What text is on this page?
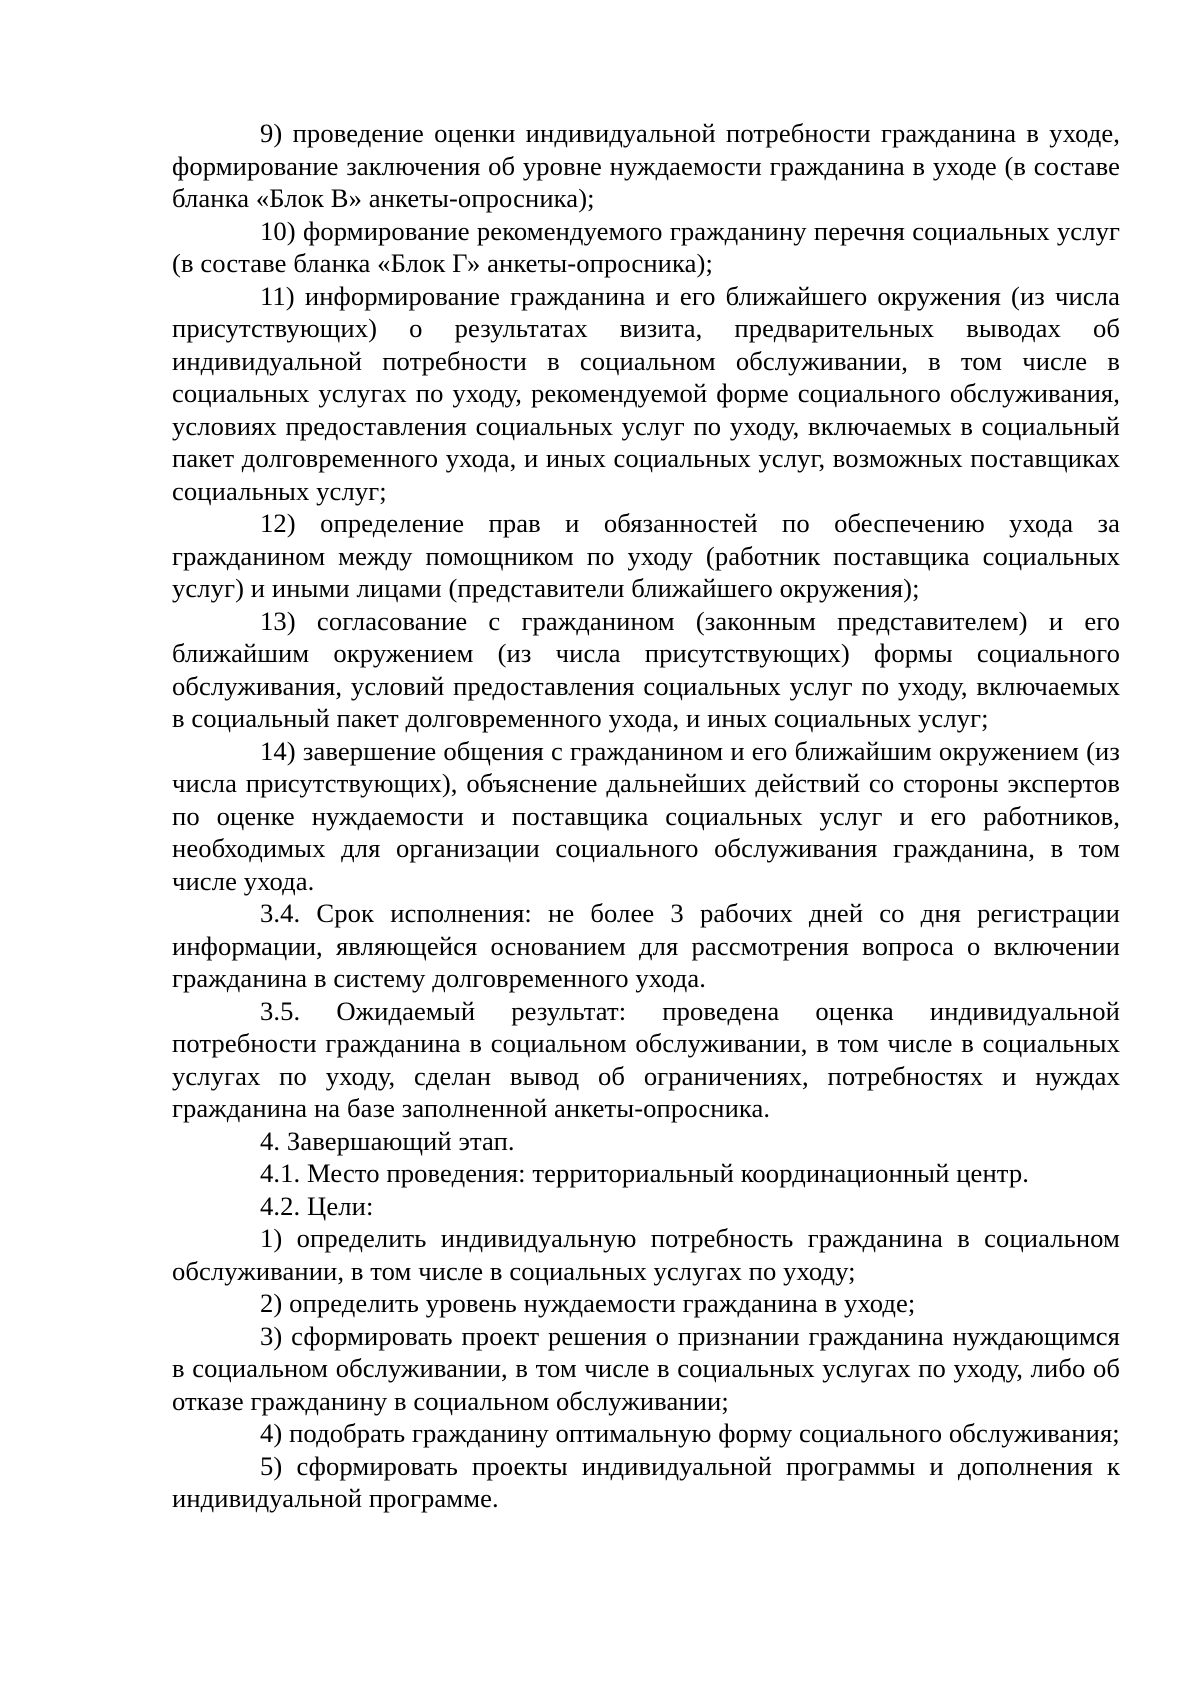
9) проведение оценки индивидуальной потребности гражданина в уходе, формирование заключения об уровне нуждаемости гражданина в уходе (в составе бланка «Блок В» анкеты-опросника);

10) формирование рекомендуемого гражданину перечня социальных услуг (в составе бланка «Блок Г» анкеты-опросника);

11) информирование гражданина и его ближайшего окружения (из числа присутствующих) о результатах визита, предварительных выводах об индивидуальной потребности в социальном обслуживании, в том числе в социальных услугах по уходу, рекомендуемой форме социального обслуживания, условиях предоставления социальных услуг по уходу, включаемых в социальный пакет долговременного ухода, и иных социальных услуг, возможных поставщиках социальных услуг;

12) определение прав и обязанностей по обеспечению ухода за гражданином между помощником по уходу (работник поставщика социальных услуг) и иными лицами (представители ближайшего окружения);

13) согласование с гражданином (законным представителем) и его ближайшим окружением (из числа присутствующих) формы социального обслуживания, условий предоставления социальных услуг по уходу, включаемых в социальный пакет долговременного ухода, и иных социальных услуг;

14) завершение общения с гражданином и его ближайшим окружением (из числа присутствующих), объяснение дальнейших действий со стороны экспертов по оценке нуждаемости и поставщика социальных услуг и его работников, необходимых для организации социального обслуживания гражданина, в том числе ухода.

3.4. Срок исполнения: не более 3 рабочих дней со дня регистрации информации, являющейся основанием для рассмотрения вопроса о включении гражданина в систему долговременного ухода.

3.5. Ожидаемый результат: проведена оценка индивидуальной потребности гражданина в социальном обслуживании, в том числе в социальных услугах по уходу, сделан вывод об ограничениях, потребностях и нуждах гражданина на базе заполненной анкеты-опросника.

4. Завершающий этап.

4.1. Место проведения: территориальный координационный центр.

4.2. Цели:

1) определить индивидуальную потребность гражданина в социальном обслуживании, в том числе в социальных услугах по уходу;

2) определить уровень нуждаемости гражданина в уходе;

3) сформировать проект решения о признании гражданина нуждающимся в социальном обслуживании, в том числе в социальных услугах по уходу, либо об отказе гражданину в социальном обслуживании;

4) подобрать гражданину оптимальную форму социального обслуживания;

5) сформировать проекты индивидуальной программы и дополнения к индивидуальной программе.
